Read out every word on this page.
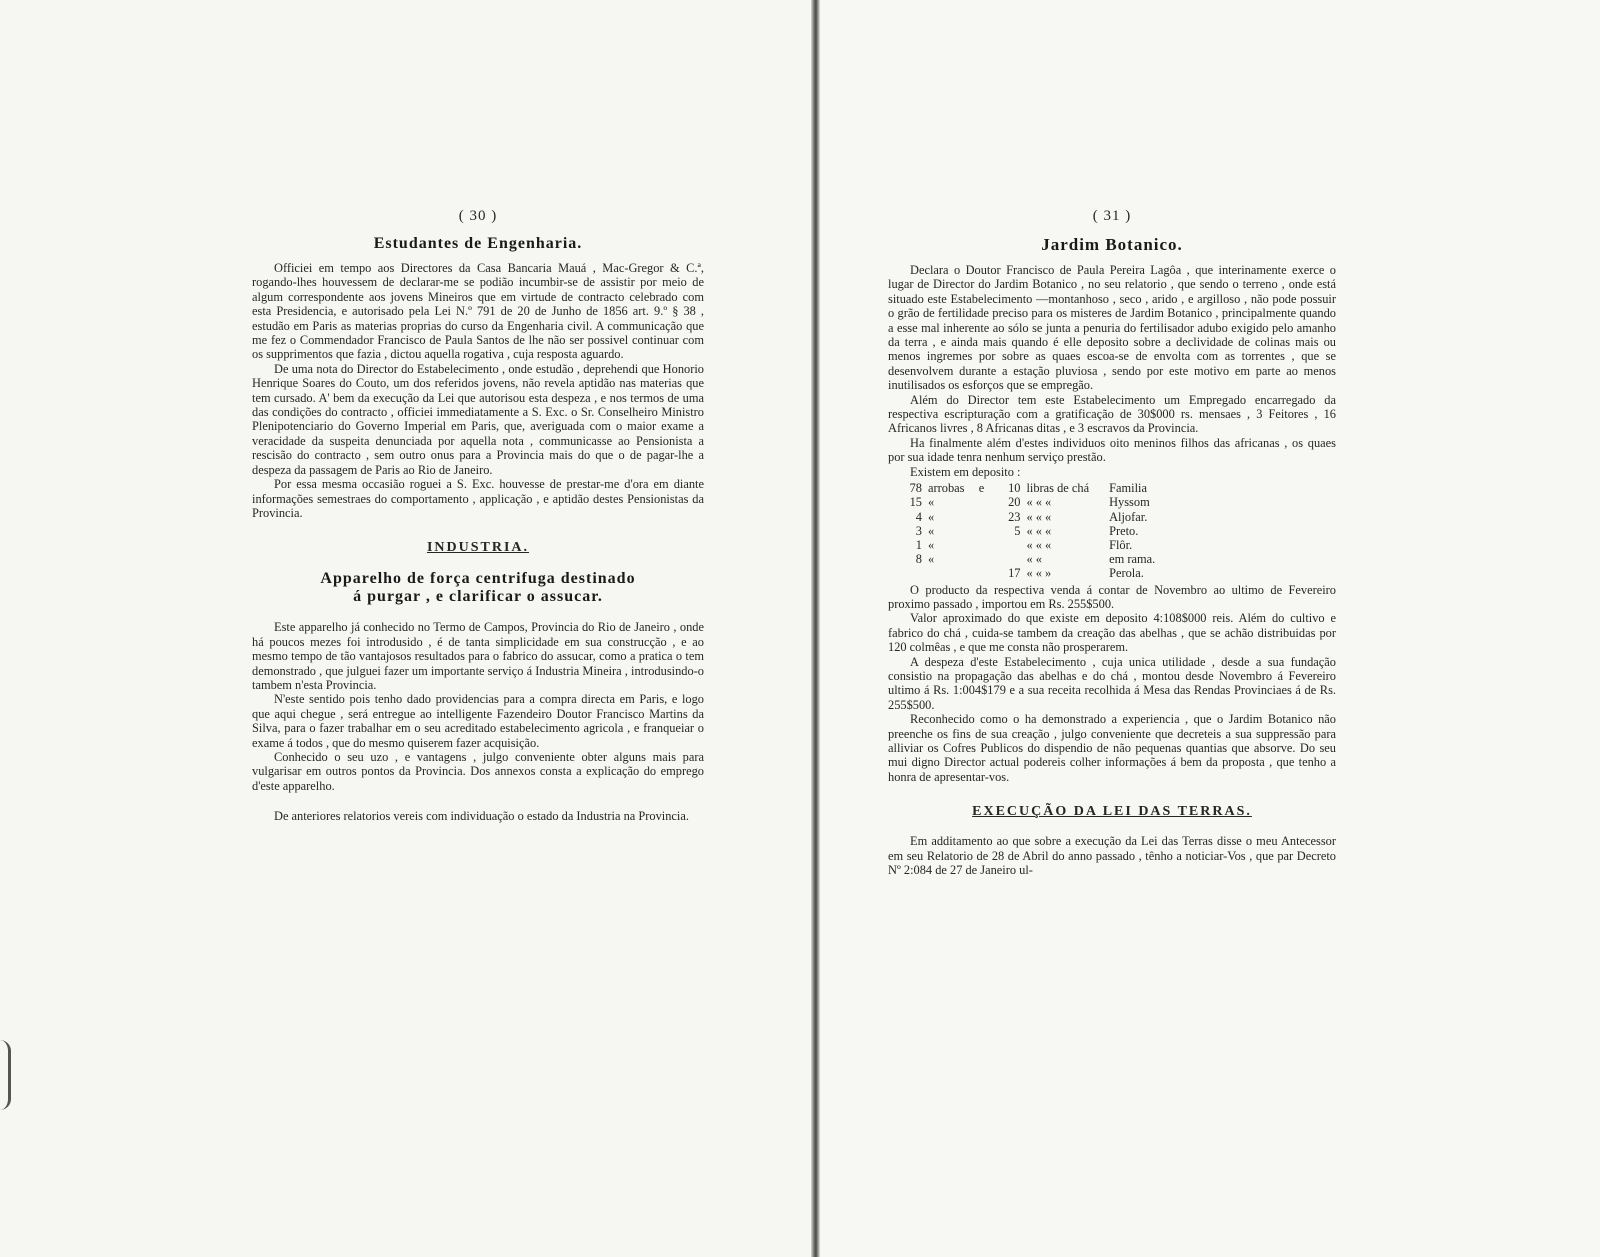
( 30 )
Estudantes de Engenharia.

Officiei em tempo aos Directores da Casa Bancaria Mauá , Mac-Gregor & C.ª, rogando-lhes houvessem de declarar-me se podião incumbir-se de assistir por meio de algum correspondente aos jovens Mineiros que em virtude de contracto celebrado com esta Presidencia, e autorisado pela Lei N.º 791 de 20 de Junho de 1856 art. 9.º § 38 , estudão em Paris as materias proprias do curso da Engenharia civil. A communicação que me fez o Commendador Francisco de Paula Santos de lhe não ser possivel continuar com os supprimentos que fazia , dictou aquella rogativa , cuja resposta aguardo.

De uma nota do Director do Estabelecimento , onde estudão , deprehendi que Honorio Henrique Soares do Couto, um dos referidos jovens, não revela aptidão nas materias que tem cursado. A' bem da execução da Lei que autorisou esta despeza , e nos termos de uma das condições do contracto , officiei immediatamente a S. Exc. o Sr. Conselheiro Ministro Plenipotenciario do Governo Imperial em Paris, que, averiguada com o maior exame a veracidade da suspeita denunciada por aquella nota , communicasse ao Pensionista a rescisão do contracto , sem outro onus para a Provincia mais do que o de pagar-lhe a despeza da passagem de Paris ao Rio de Janeiro.

Por essa mesma occasião roguei a S. Exc. houvesse de prestar-me d'ora em diante informações semestraes do comportamento , applicação , e aptidão destes Pensionistas da Provincia.

INDUSTRIA.
Apparelho de força centrifuga destinado
á purgar , e clarificar o assucar.

Este apparelho já conhecido no Termo de Campos, Provincia do Rio de Janeiro , onde há poucos mezes foi introdusido , é de tanta simplicidade em sua construcção , e ao mesmo tempo de tão vantajosos resultados para o fabrico do assucar, como a pratica o tem demonstrado , que julguei fazer um importante serviço á Industria Mineira , introdusindo-o tambem n'esta Provincia.

N'este sentido pois tenho dado providencias para a compra directa em Paris, e logo que aqui chegue , será entregue ao intelligente Fazendeiro Doutor Francisco Martins da Silva, para o fazer trabalhar em o seu acreditado estabelecimento agricola , e franqueiar o exame á todos , que do mesmo quiserem fazer acquisição.

Conhecido o seu uzo , e vantagens , julgo conveniente obter alguns mais para vulgarisar em outros pontos da Provincia. Dos annexos consta a explicação do emprego d'este apparelho.

De anteriores relatorios vereis com individuação o estado da Industria na Provincia.

( 31 )
Jardim Botanico.

Declara o Doutor Francisco de Paula Pereira Lagôa , que interinamente exerce o lugar de Director do Jardim Botanico , no seu relatorio , que sendo o terreno , onde está situado este Estabelecimento —montanhoso , seco , arido , e argilloso , não pode possuir o grão de fertilidade preciso para os misteres de Jardim Botanico , principalmente quando a esse mal inherente ao sólo se junta a penuria do fertilisador adubo exigido pelo amanho da terra , e ainda mais quando é elle deposito sobre a declividade de colinas mais ou menos ingremes por sobre as quaes escoa-se de envolta com as torrentes , que se desenvolvem durante a estação pluviosa , sendo por este motivo em parte ao menos inutilisados os esforços que se empregão.

Além do Director tem este Estabelecimento um Empregado encarregado da respectiva escripturação com a gratificação de 30$000 rs. mensaes , 3 Feitores , 16 Africanos livres , 8 Africanas ditas , e 3 escravos da Provincia.

Ha finalmente além d'estes individuos oito meninos filhos das africanas , os quaes por sua idade tenra nenhum serviço prestão.

Existem em deposito :

78	arrobas	e	10	libras de chá	Familia
15	«		20	« « «	Hyssom
4	«		23	« « «	Aljofar.
3	«		5	« « «	Preto.
1	«			« « «	Flôr.
8	«			« «	em rama.
			17	« « »	Perola.

O producto da respectiva venda á contar de Novembro ao ultimo de Fevereiro proximo passado , importou em Rs. 255$500.

Valor aproximado do que existe em deposito 4:108$000 reis. Além do cultivo e fabrico do chá , cuida-se tambem da creação das abelhas , que se achão distribuidas por 120 colmêas , e que me consta não prosperarem.

A despeza d'este Estabelecimento , cuja unica utilidade , desde a sua fundação consistio na propagação das abelhas e do chá , montou desde Novembro á Fevereiro ultimo á Rs. 1:004$179 e a sua receita recolhida á Mesa das Rendas Provinciaes á de Rs. 255$500.

Reconhecido como o ha demonstrado a experiencia , que o Jardim Botanico não preenche os fins de sua creação , julgo conveniente que decreteis a sua suppressão para alliviar os Cofres Publicos do dispendio de não pequenas quantias que absorve. Do seu mui digno Director actual podereis colher informações á bem da proposta , que tenho a honra de apresentar-vos.

EXECUÇÃO DA LEI DAS TERRAS.

Em additamento ao que sobre a execução da Lei das Terras disse o meu Antecessor em seu Relatorio de 28 de Abril do anno passado , tênho a noticiar-Vos , que par Decreto Nº 2:084 de 27 de Janeiro ul-
